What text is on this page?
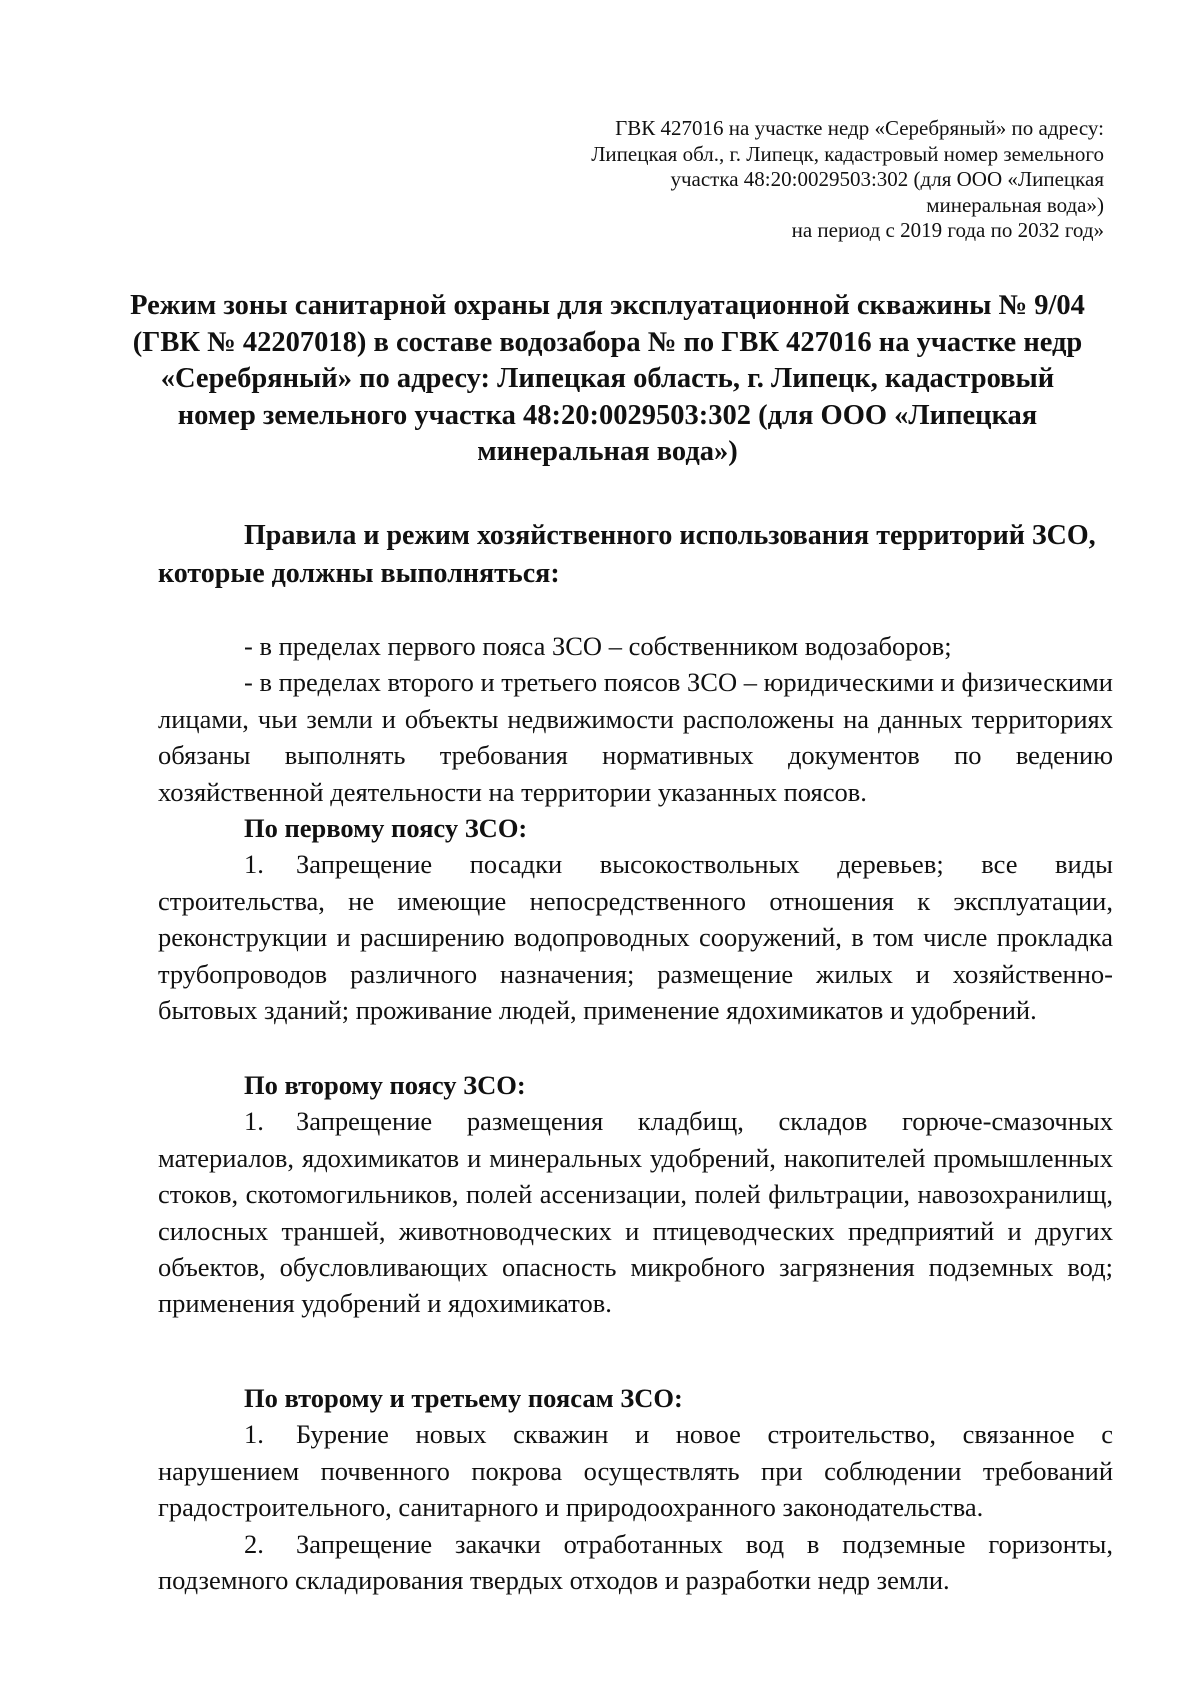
ГВК 427016 на участке недр «Серебряный» по адресу:
Липецкая обл., г. Липецк, кадастровый номер земельного
участка 48:20:0029503:302 (для ООО «Липецкая
минеральная вода»)
на период с 2019 года по 2032 год»
Режим зоны санитарной охраны для эксплуатационной скважины № 9/04
(ГВК № 42207018) в составе водозабора № по ГВК 427016 на участке недр
«Серебряный» по адресу: Липецкая область, г. Липецк, кадастровый
номер земельного участка 48:20:0029503:302 (для ООО «Липецкая
минеральная вода»)
Правила и режим хозяйственного использования территорий ЗСО,
которые должны выполняться:

- в пределах первого пояса ЗСО – собственником водозаборов;

- в пределах второго и третьего поясов ЗСО – юридическими и физическими лицами, чьи земли и объекты недвижимости расположены на данных территориях обязаны выполнять требования нормативных документов по ведению хозяйственной деятельности на территории указанных поясов.

По первому поясу ЗСО:

1. Запрещение посадки высокоствольных деревьев; все виды строительства, не имеющие непосредственного отношения к эксплуатации, реконструкции и расширению водопроводных сооружений, в том числе прокладка трубопроводов различного назначения; размещение жилых и хозяйственно-бытовых зданий; проживание людей, применение ядохимикатов и удобрений.

По второму поясу ЗСО:

1. Запрещение размещения кладбищ, складов горюче-смазочных материалов, ядохимикатов и минеральных удобрений, накопителей промышленных стоков, скотомогильников, полей ассенизации, полей фильтрации, навозохранилищ, силосных траншей, животноводческих и птицеводческих предприятий и других объектов, обусловливающих опасность микробного загрязнения подземных вод; применения удобрений и ядохимикатов.

По второму и третьему поясам ЗСО:

1. Бурение новых скважин и новое строительство, связанное с нарушением почвенного покрова осуществлять при соблюдении требований градостроительного, санитарного и природоохранного законодательства.

2. Запрещение закачки отработанных вод в подземные горизонты, подземного складирования твердых отходов и разработки недр земли.
